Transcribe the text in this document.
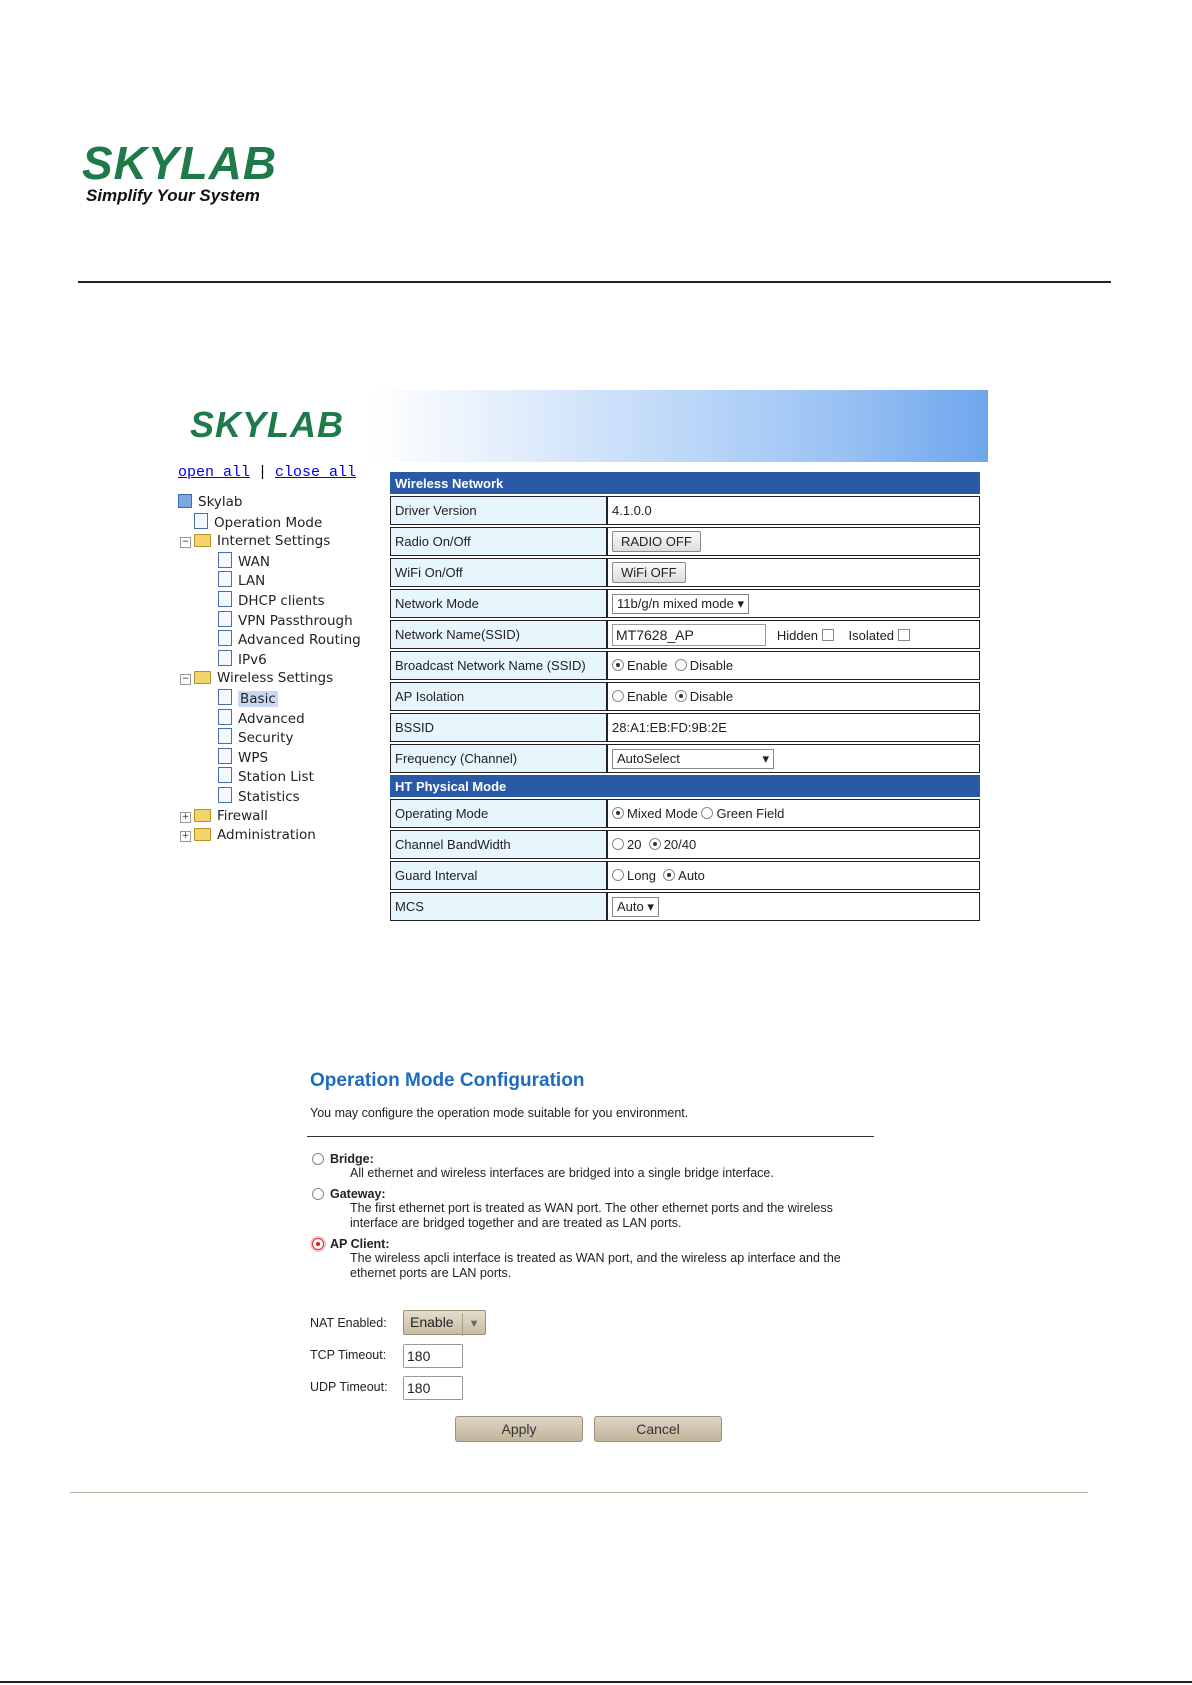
SKYLAB
Simplify Your System
SKYLAB
open all | close all
Skylab
Operation Mode
− Internet Settings
WAN
LAN
DHCP clients
VPN Passthrough
Advanced Routing
IPv6
− Wireless Settings
Basic
Advanced
Security
WPS
Station List
Statistics
+ Firewall
+ Administration
Wireless Network	
Driver Version	4.1.0.0
Radio On/Off	RADIO OFF
WiFi On/Off	WiFi OFF
Network Mode	11b/g/n mixed mode ▾
Network Name(SSID)	MT7628_AP Hidden Isolated
Broadcast Network Name (SSID)	Enable Disable
AP Isolation	Enable Disable
BSSID	28:A1:EB:FD:9B:2E
Frequency (Channel)	AutoSelect ▾

HT Physical Mode	
Operating Mode	Mixed Mode Green Field
Channel BandWidth	20 20/40
Guard Interval	Long Auto
MCS	Auto ▾
Operation Mode Configuration
You may configure the operation mode suitable for you environment.
Bridge:
All ethernet and wireless interfaces are bridged into a single bridge interface.
Gateway:
The first ethernet port is treated as WAN port. The other ethernet ports and the wireless
interface are bridged together and are treated as LAN ports.
AP Client:
The wireless apcli interface is treated as WAN port, and the wireless ap interface and the
ethernet ports are LAN ports.
NAT Enabled: Enable ▼
TCP Timeout: 180
UDP Timeout: 180
Apply	Cancel
